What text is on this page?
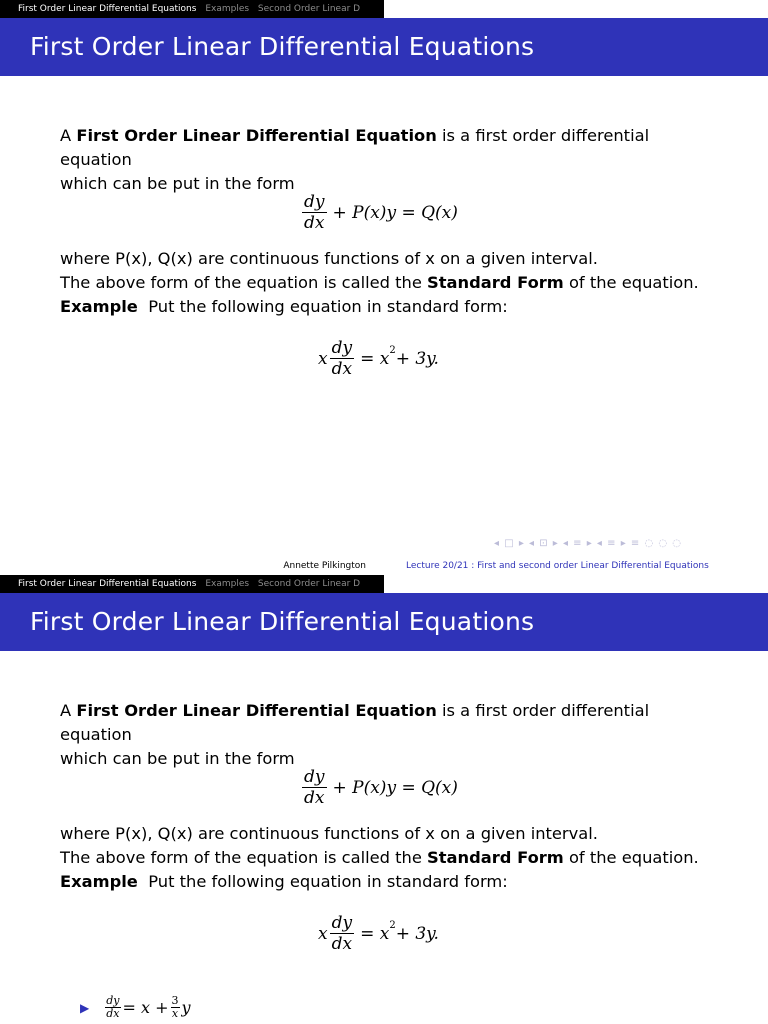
First Order Linear Differential Equations Examples Second Order Linear D
First Order Linear Differential Equations

A First Order Linear Differential Equation is a first order differential equation
which can be put in the form

$\frac{dy}{dx} + P(x)y = Q(x)$

where P(x), Q(x) are continuous functions of x on a given interval.

The above form of the equation is called the Standard Form of the equation.

Example Put the following equation in standard form:

x $\frac{dy}{dx} = x$ 2 + 3y.
◂ □ ▸ ◂ ⊡ ▸ ◂ ≡ ▸ ◂ ≡ ▸ ≡ ◌ ◌ ◌
Annette Pilkington	Lecture 20/21 : First and second order Linear Differential Equations
First Order Linear Differential Equations Examples Second Order Linear D
First Order Linear Differential Equations

A First Order Linear Differential Equation is a first order differential equation
which can be put in the form

$\frac{dy}{dx} + P(x)y = Q(x)$

where P(x), Q(x) are continuous functions of x on a given interval.

The above form of the equation is called the Standard Form of the equation.

Example Put the following equation in standard form:

x $\frac{dy}{dx} = x$ 2 + 3y.
▶ $\frac{dy}{dx} = x + \frac{3}{x}$ y
